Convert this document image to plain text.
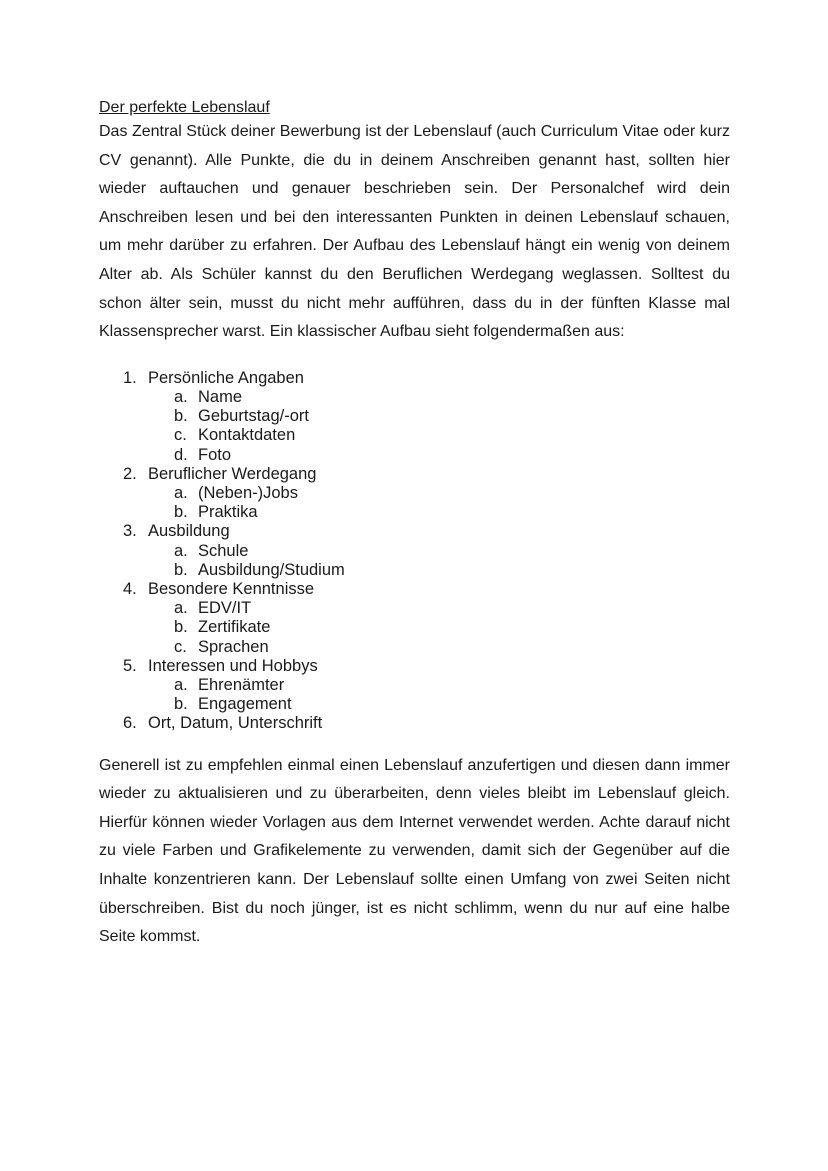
Der perfekte Lebenslauf

Das Zentral Stück deiner Bewerbung ist der Lebenslauf (auch Curriculum Vitae oder kurz CV genannt). Alle Punkte, die du in deinem Anschreiben genannt hast, sollten hier wieder auftauchen und genauer beschrieben sein. Der Personalchef wird dein Anschreiben lesen und bei den interessanten Punkten in deinen Lebenslauf schauen, um mehr darüber zu erfahren. Der Aufbau des Lebenslauf hängt ein wenig von deinem Alter ab. Als Schüler kannst du den Beruflichen Werdegang weglassen. Solltest du schon älter sein, musst du nicht mehr aufführen, dass du in der fünften Klasse mal Klassensprecher warst. Ein klassischer Aufbau sieht folgendermaßen aus:

1. Persönliche Angaben
a. Name
b. Geburtstag/-ort
c. Kontaktdaten
d. Foto
2. Beruflicher Werdegang
a. (Neben-)Jobs
b. Praktika
3. Ausbildung
a. Schule
b. Ausbildung/Studium
4. Besondere Kenntnisse
a. EDV/IT
b. Zertifikate
c. Sprachen
5. Interessen und Hobbys
a. Ehrenämter
b. Engagement
6. Ort, Datum, Unterschrift

Generell ist zu empfehlen einmal einen Lebenslauf anzufertigen und diesen dann immer wieder zu aktualisieren und zu überarbeiten, denn vieles bleibt im Lebenslauf gleich. Hierfür können wieder Vorlagen aus dem Internet verwendet werden. Achte darauf nicht zu viele Farben und Grafikelemente zu verwenden, damit sich der Gegenüber auf die Inhalte konzentrieren kann. Der Lebenslauf sollte einen Umfang von zwei Seiten nicht überschreiben. Bist du noch jünger, ist es nicht schlimm, wenn du nur auf eine halbe Seite kommst.
